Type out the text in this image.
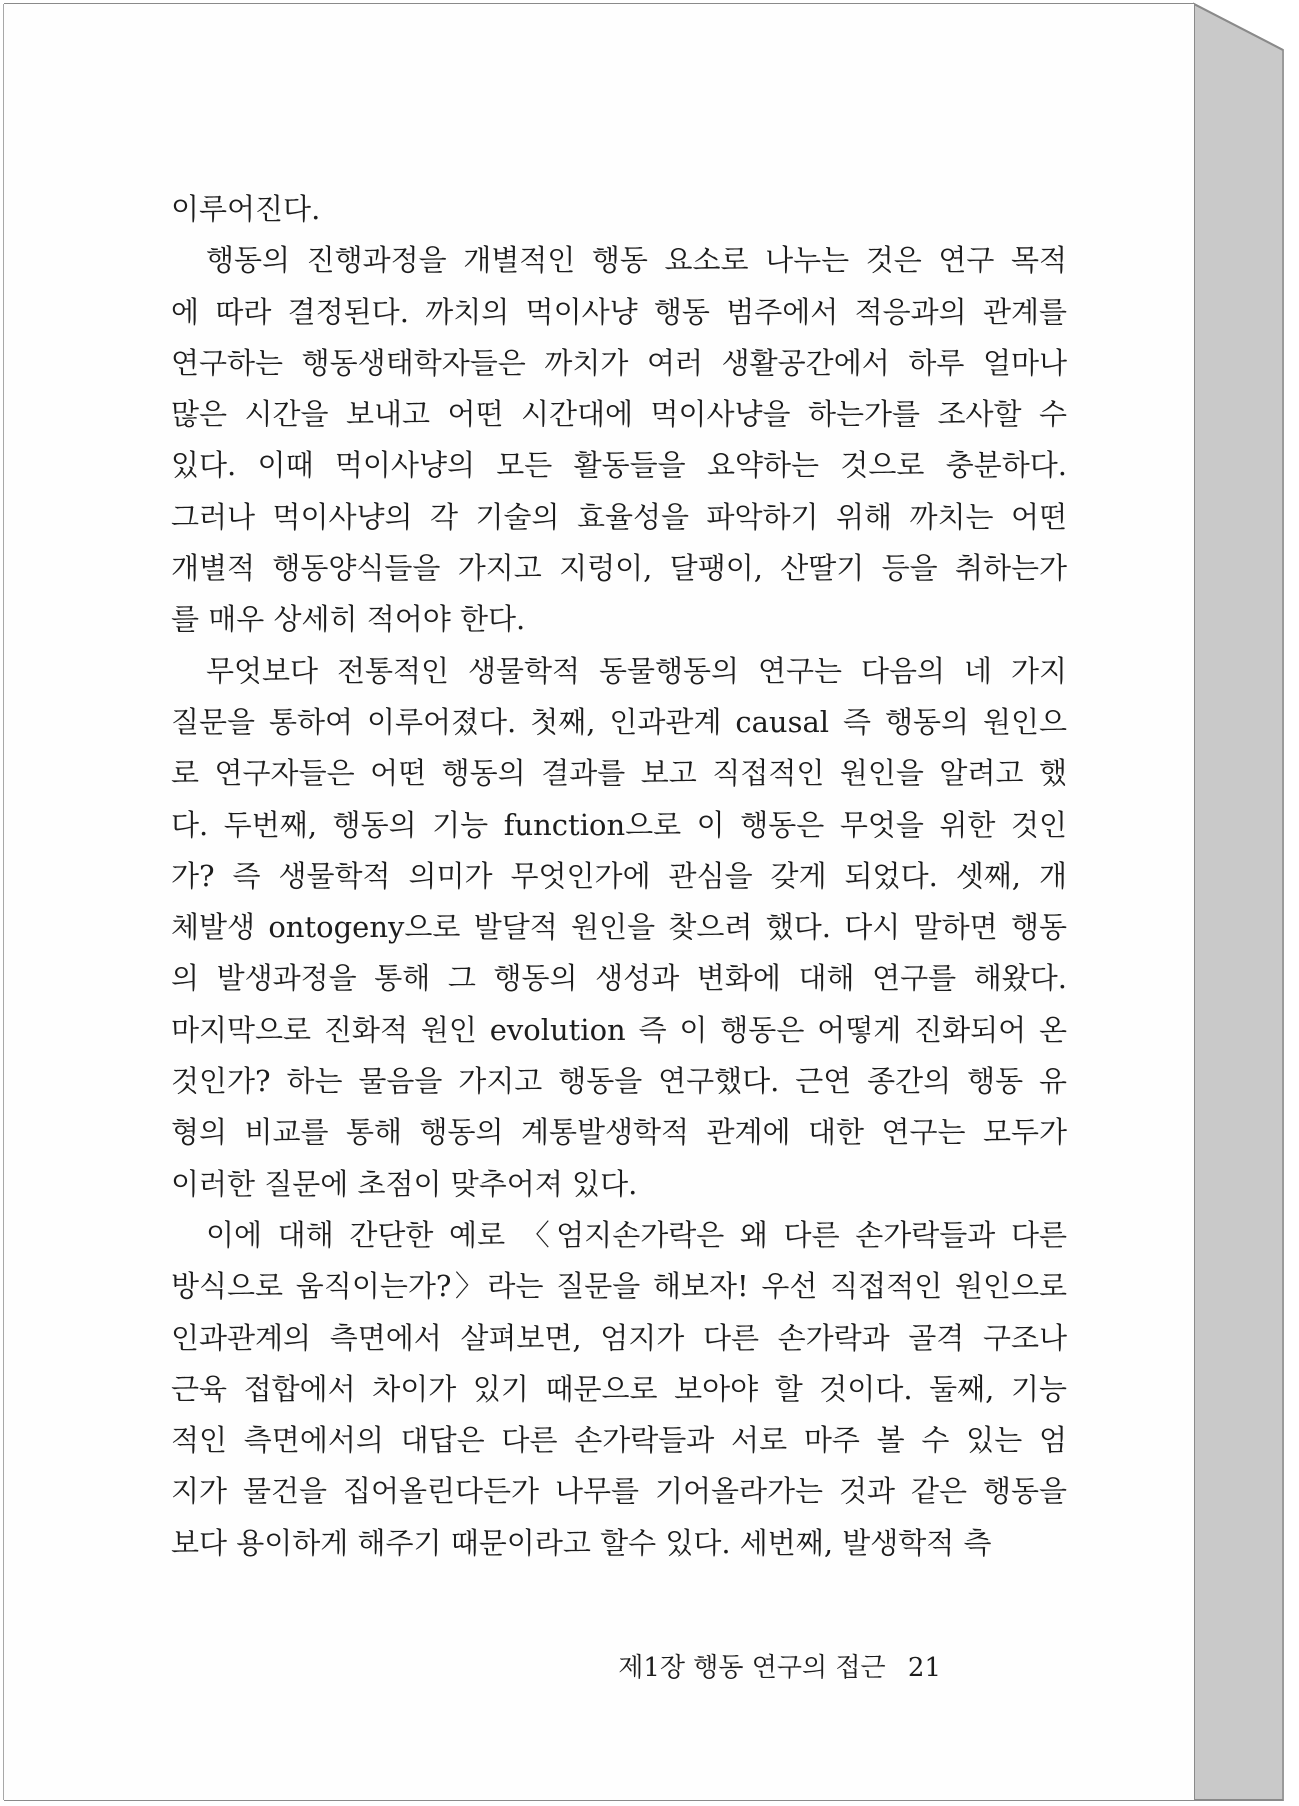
이루어진다.
행동의 진행과정을 개별적인 행동 요소로 나누는 것은 연구 목적
에 따라 결정된다. 까치의 먹이사냥 행동 범주에서 적응과의 관계를
연구하는 행동생태학자들은 까치가 여러 생활공간에서 하루 얼마나
많은 시간을 보내고 어떤 시간대에 먹이사냥을 하는가를 조사할 수
있다. 이때 먹이사냥의 모든 활동들을 요약하는 것으로 충분하다.
그러나 먹이사냥의 각 기술의 효율성을 파악하기 위해 까치는 어떤
개별적 행동양식들을 가지고 지렁이, 달팽이, 산딸기 등을 취하는가
를 매우 상세히 적어야 한다.
무엇보다 전통적인 생물학적 동물행동의 연구는 다음의 네 가지
질문을 통하여 이루어졌다. 첫째, 인과관계 causal 즉 행동의 원인으
로 연구자들은 어떤 행동의 결과를 보고 직접적인 원인을 알려고 했
다. 두번째, 행동의 기능 function으로 이 행동은 무엇을 위한 것인
가? 즉 생물학적 의미가 무엇인가에 관심을 갖게 되었다. 셋째, 개
체발생 ontogeny으로 발달적 원인을 찾으려 했다. 다시 말하면 행동
의 발생과정을 통해 그 행동의 생성과 변화에 대해 연구를 해왔다.
마지막으로 진화적 원인 evolution 즉 이 행동은 어떻게 진화되어 온
것인가? 하는 물음을 가지고 행동을 연구했다. 근연 종간의 행동 유
형의 비교를 통해 행동의 계통발생학적 관계에 대한 연구는 모두가
이러한 질문에 초점이 맞추어져 있다.
이에 대해 간단한 예로 〈엄지손가락은 왜 다른 손가락들과 다른
방식으로 움직이는가?〉라는 질문을 해보자! 우선 직접적인 원인으로
인과관계의 측면에서 살펴보면, 엄지가 다른 손가락과 골격 구조나
근육 접합에서 차이가 있기 때문으로 보아야 할 것이다. 둘째, 기능
적인 측면에서의 대답은 다른 손가락들과 서로 마주 볼 수 있는 엄
지가 물건을 집어올린다든가 나무를 기어올라가는 것과 같은 행동을
보다 용이하게 해주기 때문이라고 할수 있다. 세번째, 발생학적 측
제1장 행동 연구의 접근 21
